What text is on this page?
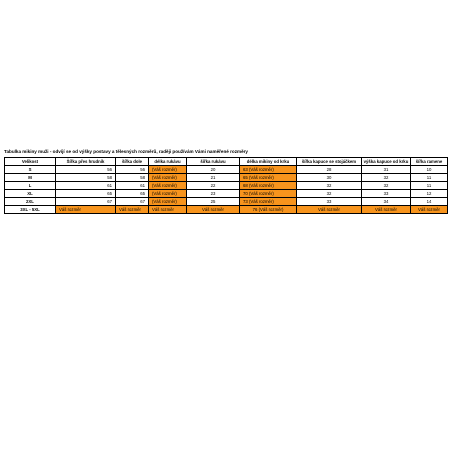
Tabulka mikiny muži - odvíjí se od výšky postavy a tělesných rozměrů, raději používám Vámi naměřené rozměry
Velikost	Šířka přes hrudník	šířka dole	délka rukávu	šířka rukávu	délka mikiny od krku	šířka kapuce se stojáčkem	výška kapuce od krku	šířka ramene
S	56	56	(Váš rozměr)	20	63 (Váš rozměr)	28	31	10
M	58	58	(Váš rozměr)	21	65 (Váš rozměr)	30	32	11
L	61	61	(Váš rozměr)	22	68 (Váš rozměr)	32	32	11
XL	65	65	(Váš rozměr)	23	70 (Váš rozměr)	32	33	12
2XL	67	67	(Váš rozměr)	25	73 (Váš rozměr)	33	34	14
3XL - 5XL	Váš rozměr	Váš rozměr	Váš rozměr	Váš rozměr	76 (Váš rozměr)	Váš rozměr	Váš rozměr	Váš rozměr
